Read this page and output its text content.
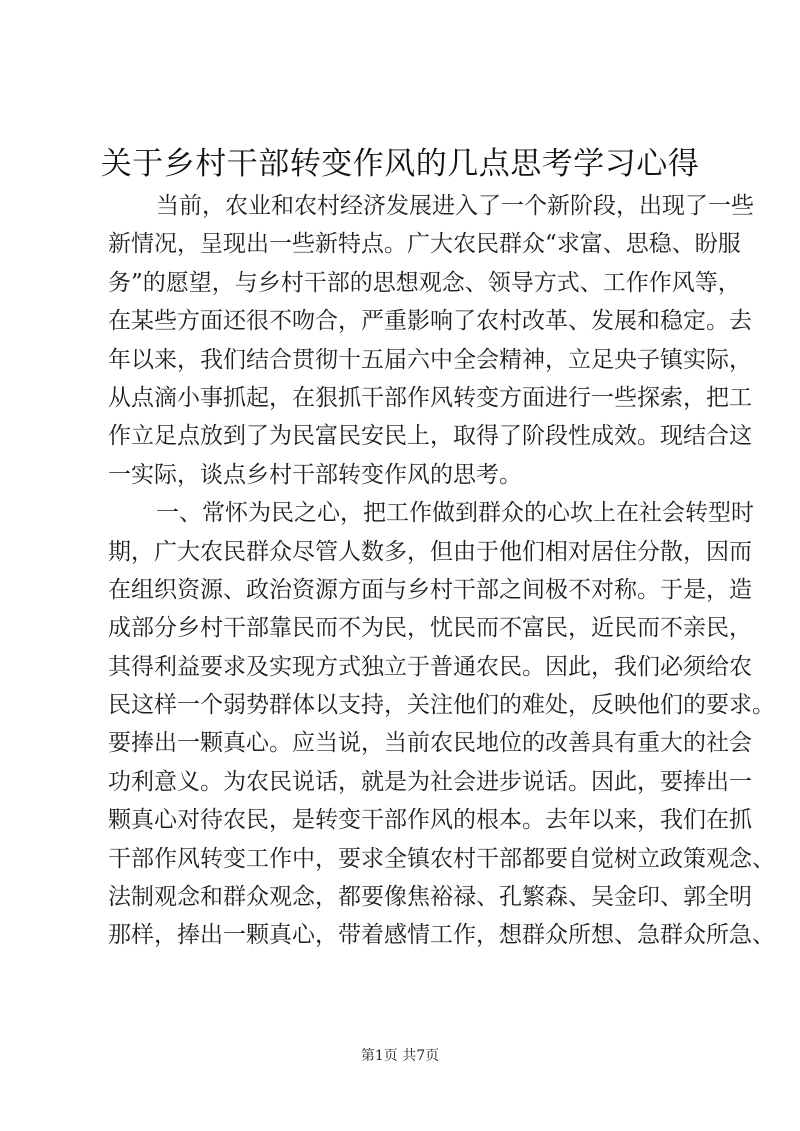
关于乡村干部转变作风的几点思考学习心得
当前，农业和农村经济发展进入了一个新阶段，出现了一些
新情况，呈现出一些新特点。广大农民群众“求富、思稳、盼服
务”的愿望，与乡村干部的思想观念、领导方式、工作作风等，
在某些方面还很不吻合，严重影响了农村改革、发展和稳定。去
年以来，我们结合贯彻十五届六中全会精神，立足央子镇实际，
从点滴小事抓起，在狠抓干部作风转变方面进行一些探索，把工
作立足点放到了为民富民安民上，取得了阶段性成效。现结合这
一实际，谈点乡村干部转变作风的思考。
一、常怀为民之心，把工作做到群众的心坎上在社会转型时
期，广大农民群众尽管人数多，但由于他们相对居住分散，因而
在组织资源、政治资源方面与乡村干部之间极不对称。于是，造
成部分乡村干部靠民而不为民，忧民而不富民，近民而不亲民，
其得利益要求及实现方式独立于普通农民。因此，我们必须给农
民这样一个弱势群体以支持，关注他们的难处，反映他们的要求。
要捧出一颗真心。应当说，当前农民地位的改善具有重大的社会
功利意义。为农民说话，就是为社会进步说话。因此，要捧出一
颗真心对待农民，是转变干部作风的根本。去年以来，我们在抓
干部作风转变工作中，要求全镇农村干部都要自觉树立政策观念、
法制观念和群众观念，都要像焦裕禄、孔繁森、吴金印、郭全明
那样，捧出一颗真心，带着感情工作，想群众所想、急群众所急、
第1页 共7页
